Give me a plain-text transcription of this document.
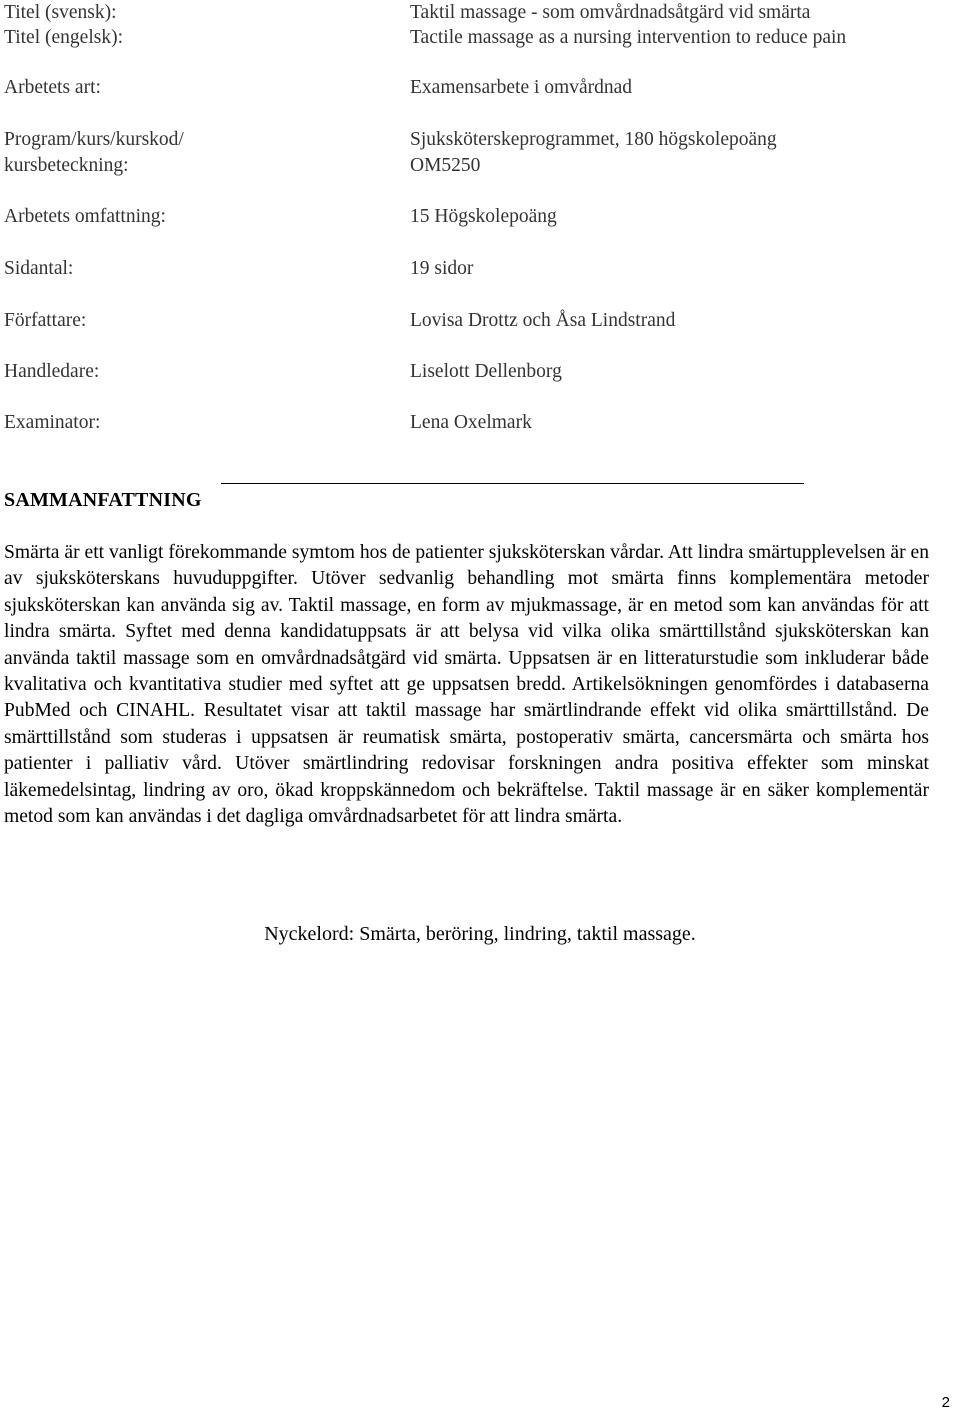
Titel (svensk):	Taktil massage - som omvårdnadsåtgärd vid smärta
Titel (engelsk):	Tactile massage as a nursing intervention to reduce pain
Arbetets art:	Examensarbete i omvårdnad
Program/kurs/kurskod/	Sjuksköterskeprogrammet, 180 högskolepoäng
kursbeteckning:	OM5250
Arbetets omfattning:	15 Högskolepoäng
Sidantal:	19 sidor
Författare:	Lovisa Drottz och Åsa Lindstrand
Handledare:	Liselott Dellenborg
Examinator:	Lena Oxelmark
SAMMANFATTNING

Smärta är ett vanligt förekommande symtom hos de patienter sjuksköterskan vårdar. Att lindra smärtupplevelsen är en av sjuksköterskans huvuduppgifter. Utöver sedvanlig behandling mot smärta finns komplementära metoder sjuksköterskan kan använda sig av. Taktil massage, en form av mjukmassage, är en metod som kan användas för att lindra smärta. Syftet med denna kandidatuppsats är att belysa vid vilka olika smärttillstånd sjuksköterskan kan använda taktil massage som en omvårdnadsåtgärd vid smärta. Uppsatsen är en litteraturstudie som inkluderar både kvalitativa och kvantitativa studier med syftet att ge uppsatsen bredd. Artikelsökningen genomfördes i databaserna PubMed och CINAHL. Resultatet visar att taktil massage har smärtlindrande effekt vid olika smärttillstånd. De smärttillstånd som studeras i uppsatsen är reumatisk smärta, postoperativ smärta, cancersmärta och smärta hos patienter i palliativ vård. Utöver smärtlindring redovisar forskningen andra positiva effekter som minskat läkemedelsintag, lindring av oro, ökad kroppskännedom och bekräftelse. Taktil massage är en säker komplementär metod som kan användas i det dagliga omvårdnadsarbetet för att lindra smärta.

Nyckelord: Smärta, beröring, lindring, taktil massage.
2
